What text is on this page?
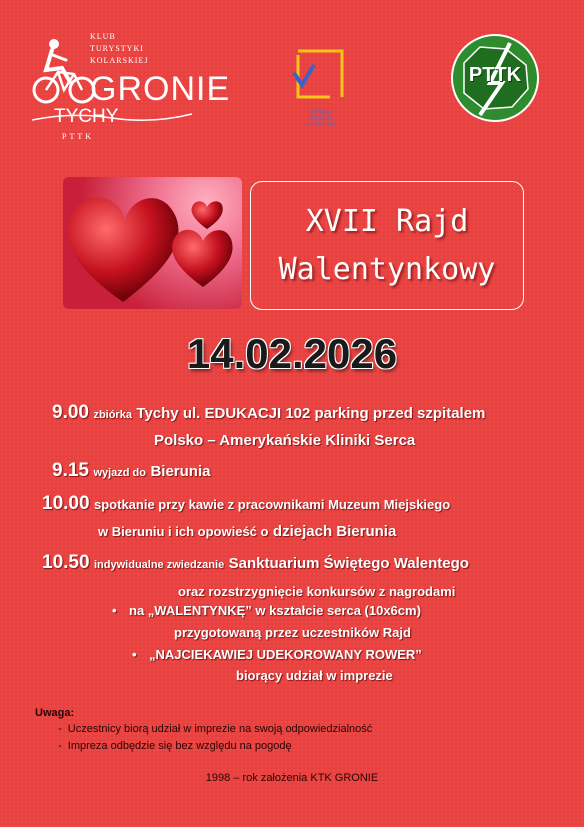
KLUB
TURYSTYKI
KOLARSKIEJ
GRONIE
TYCHY
PTTK
MUZEUM
MIEJSKIE
W BIERUNIU
PTTK
XVII Rajd
Walentynkowy
14.02.2026
9.00 zbiórka Tychy ul. EDUKACJI 102 parking przed szpitalem
Polsko – Amerykańskie Kliniki Serca
9.15 wyjazd do Bierunia
10.00 spotkanie przy kawie z pracownikami Muzeum Miejskiego
w Bieruniu i ich opowieść o dziejach Bierunia
10.50 indywidualne zwiedzanie Sanktuarium Świętego Walentego
oraz rozstrzygnięcie konkursów z nagrodami
• na „WALENTYNKĘ” w kształcie serca (10x6cm)
przygotowaną przez uczestników Rajd
• „NAJCIEKAWIEJ UDEKOROWANY ROWER”
biorący udział w imprezie
Uwaga:
- Uczestnicy biorą udział w imprezie na swoją odpowiedzialność
- Impreza odbędzie się bez względu na pogodę
1998 – rok założenia KTK GRONIE
